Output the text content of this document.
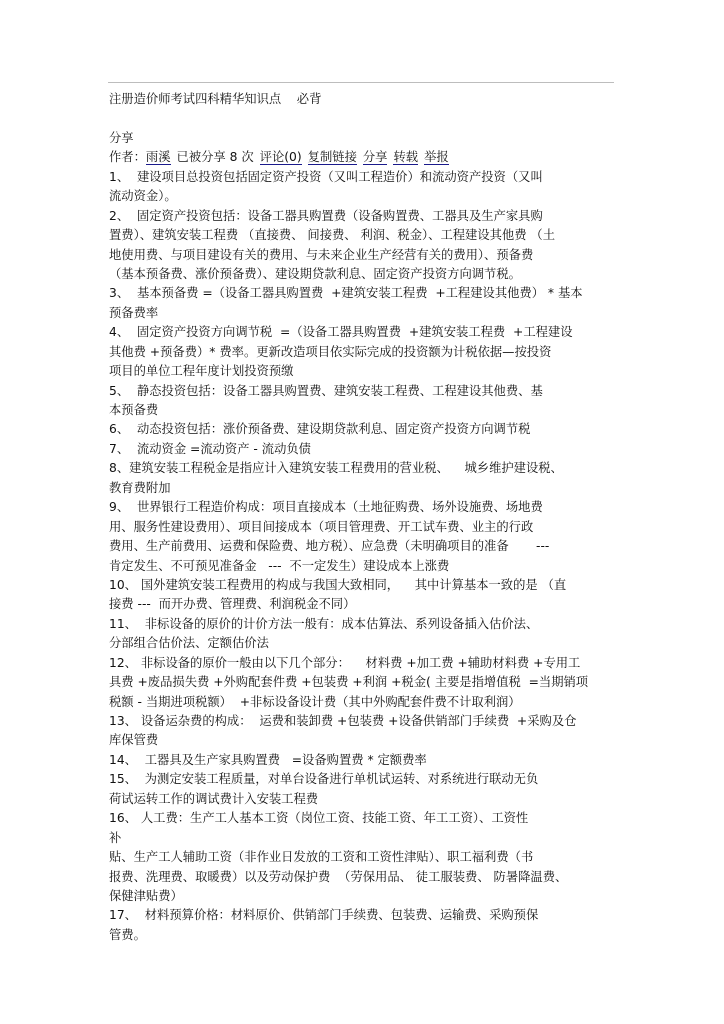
注册造价师考试四科精华知识点    必背
分享
作者：雨溪 已被分享 8 次 评论(0) 复制链接 分享 转载 举报
1、  建设项目总投资包括固定资产投资（又叫工程造价）和流动资产投资（又叫
流动资金）。
2、  固定资产投资包括：设备工器具购置费（设备购置费、工器具及生产家具购
置费）、建筑安装工程费 （直接费、 间接费、 利润、税金）、工程建设其他费 （土
地使用费、与项目建设有关的费用、与未来企业生产经营有关的费用）、预备费
（基本预备费、涨价预备费）、建设期贷款利息、固定资产投资方向调节税。
3、  基本预备费 =（设备工器具购置费  +建筑安装工程费  +工程建设其他费） * 基本
预备费率
4、  固定资产投资方向调节税  =（设备工器具购置费  +建筑安装工程费  +工程建设
其他费 +预备费）* 费率。更新改造项目依实际完成的投资额为计税依据—按投资
项目的单位工程年度计划投资预缴
5、  静态投资包括：设备工器具购置费、建筑安装工程费、工程建设其他费、基
本预备费
6、  动态投资包括：涨价预备费、建设期贷款利息、固定资产投资方向调节税
7、  流动资金 =流动资产 - 流动负债
8、建筑安装工程税金是指应计入建筑安装工程费用的营业税、    城乡维护建设税、
教育费附加
9、  世界银行工程造价构成：项目直接成本（土地征购费、场外设施费、场地费
用、服务性建设费用）、项目间接成本（项目管理费、开工试车费、业主的行政
费用、生产前费用、运费和保险费、地方税）、应急费（未明确项目的准备       ---
肯定发生、不可预见准备金   ---  不一定发生）建设成本上涨费
10、 国外建筑安装工程费用的构成与我国大致相同，    其中计算基本一致的是 （直
接费 ---  而开办费、管理费、利润税金不同）
11、  非标设备的原价的计价方法一般有：成本估算法、系列设备插入估价法、
分部组合估价法、定额估价法
12、 非标设备的原价一般由以下几个部分：    材料费 +加工费 +辅助材料费 +专用工
具费 +废品损失费 +外购配套件费 +包装费 +利润 +税金( 主要是指增值税  =当期销项
税额 - 当期进项税额）  +非标设备设计费（其中外购配套件费不计取利润）
13、 设备运杂费的构成：  运费和装卸费 +包装费 +设备供销部门手续费  +采购及仓
库保管费
14、  工器具及生产家具购置费   =设备购置费 * 定额费率
15、  为测定安装工程质量，对单台设备进行单机试运转、对系统进行联动无负
荷试运转工作的调试费计入安装工程费
16、 人工费：生产工人基本工资（岗位工资、技能工资、年工工资）、工资性
补
贴、生产工人辅助工资（非作业日发放的工资和工资性津贴）、职工福利费（书
报费、洗理费、取暖费）以及劳动保护费  （劳保用品、 徒工服装费、 防暑降温费、
保健津贴费）
17、  材料预算价格：材料原价、供销部门手续费、包装费、运输费、采购预保
管费。
